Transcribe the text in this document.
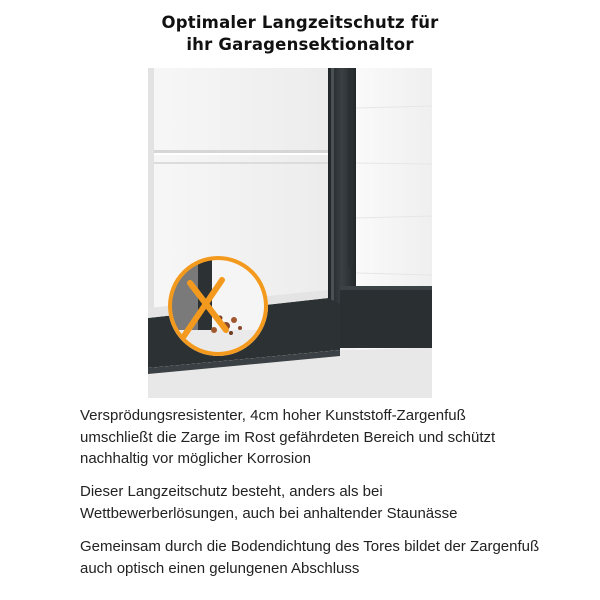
Optimaler Langzeitschutz für
ihr Garagensektionaltor

Versprödungsresistenter, 4cm hoher Kunststoff-Zargenfuß umschließt die Zarge im Rost gefährdeten Bereich und schützt nachhaltig vor möglicher Korrosion

Dieser Langzeitschutz besteht, anders als bei Wettbewerberlösungen, auch bei anhaltender Staunässe

Gemeinsam durch die Bodendichtung des Tores bildet der Zargenfuß auch optisch einen gelungenen Abschluss
